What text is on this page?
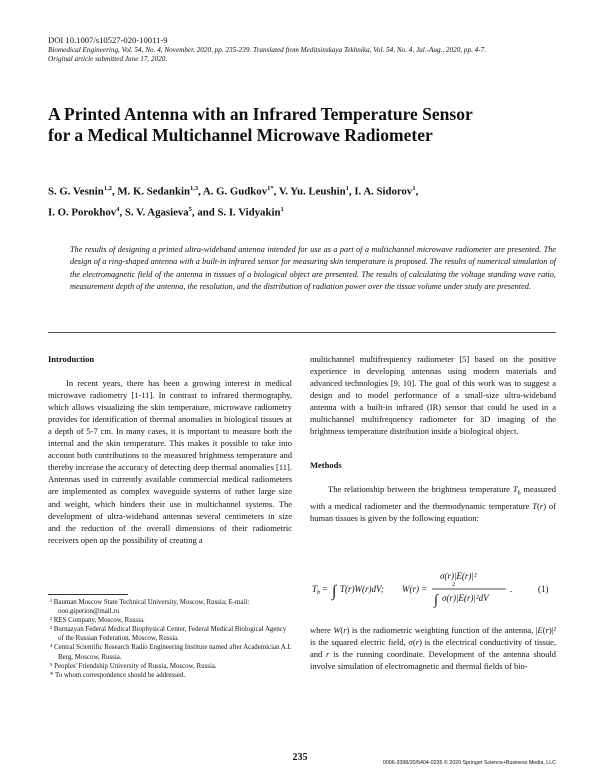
DOI 10.1007/s10527-020-10011-9
Biomedical Engineering, Vol. 54, No. 4, November, 2020, pp. 235-239. Translated from Meditsinskaya Tekhnika, Vol. 54, No. 4, Jul.-Aug., 2020, pp. 4-7.
Original article submitted June 17, 2020.
A Printed Antenna with an Infrared Temperature Sensor
for a Medical Multichannel Microwave Radiometer
S. G. Vesnin$^{1,2}$, M. K. Sedankin$^{1,3}$, A. G. Gudkov$^{1*}$, V. Yu. Leushin$^1$, I. A. Sidorov$^1$,
I. O. Porokhov$^4$, S. V. Agasieva$^5$, and S. I. Vidyakin$^1$
The results of designing a printed ultra-wideband antenna intended for use as a part of a multichannel microwave radiometer are presented. The design of a ring-shaped antenna with a built-in infrared sensor for measuring skin temperature is proposed. The results of numerical simulation of the electromagnetic field of the antenna in tissues of a biological object are presented. The results of calculating the voltage standing wave ratio, measurement depth of the antenna, the resolution, and the distribution of radiation power over the tissue volume under study are presented.

Introduction

In recent years, there has been a growing interest in medical microwave radiometry [1-11]. In contrast to infrared thermography, which allows visualizing the skin temperature, microwave radiometry provides for identification of thermal anomalies in biological tissues at a depth of 5-7 cm. In many cases, it is important to measure both the internal and the skin temperature. This makes it possible to take into account both contributions to the measured brightness temperature and thereby increase the accuracy of detecting deep thermal anomalies [11]. Antennas used in currently available commercial medical radiometers are implemented as complex waveguide systems of rather large size and weight, which hinders their use in multichannel systems. The development of ultra-wideband antennas several centimeters in size and the reduction of the overall dimensions of their radiometric receivers open up the possibility of creating a

¹ Bauman Moscow State Technical University, Moscow, Russia; E-mail: ooo.giperion@mail.ru

² RES Company, Moscow, Russia.

³ Burnazyan Federal Medical Biophysical Center, Federal Medical Biological Agency of the Russian Federation, Moscow, Russia.

⁴ Central Scientific Research Radio Engineering Institute named after Academician A.I. Berg, Moscow, Russia.

⁵ Peoples' Friendship University of Russia, Moscow, Russia.

* To whom correspondence should be addressed.

multichannel multifrequency radiometer [5] based on the positive experience in developing antennas using modern materials and advanced technologies [9, 10]. The goal of this work was to suggest a design and to model performance of a small-size ultra-wideband antenna with a built-in infrared (IR) sensor that could be used in a multichannel multifrequency radiometer for 3D imaging of the brightness temperature distribution inside a biological object.

Methods

The relationship between the brightness temperature $T_b$ measured with a medical radiometer and the thermodynamic temperature T(r) of human tissues is given by the following equation:

$T_b$ = ∫ T(r)W(r)dV; W(r) =
σ(r)|E(r)|²
2
∫ σ(r)|E(r)|²dV
.	(1)

where W(r) is the radiometric weighting function of the antenna, |E(r)|² is the squared electric field, σ(r) is the electrical conductivity of tissue, and r is the running coordinate. Development of the antenna should involve simulation of electromagnetic and thermal fields of bio-

235	0006-3398/20/5404-0235 © 2020 Springer Science+Business Media, LLC
